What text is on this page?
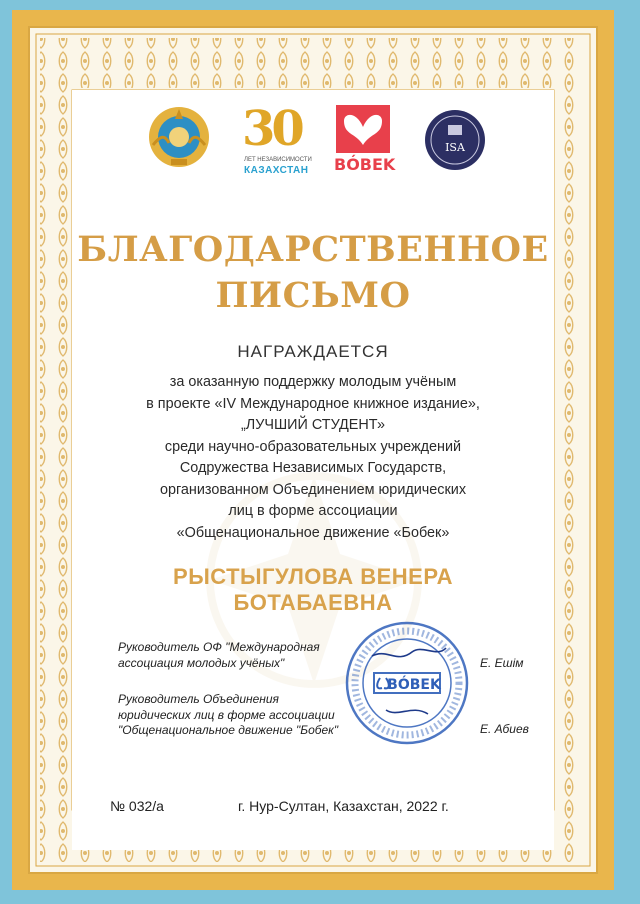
30
ЛЕТ НЕЗАВИСИМОСТИ
КАЗАХСТАН BÓBEK
ISA
БЛАГОДАРСТВЕННОЕ
ПИСЬМО
НАГРАЖДАЕТСЯ
за оказанную поддержку молодым учёным
в проекте «IV Международное книжное издание»,
„ЛУЧШИЙ СТУДЕНТ»
среди научно-образовательных учреждений
Содружества Независимых Государств,
организованном Объединением юридических
лиц в форме ассоциации
«Общенациональное движение «Бобек»
РЫСТЫГУЛОВА ВЕНЕРА
БОТАБАЕВНА
Руководитель ОФ "Международная
ассоциация молодых учёных"	Е. Ешім
Руководитель Объединения
юридических лиц в форме ассоциации
"Общенациональное движение "Бобек"	Е. Абиев
BÓBEK
№ 032/а	г. Нур-Султан, Казахстан, 2022 г.
